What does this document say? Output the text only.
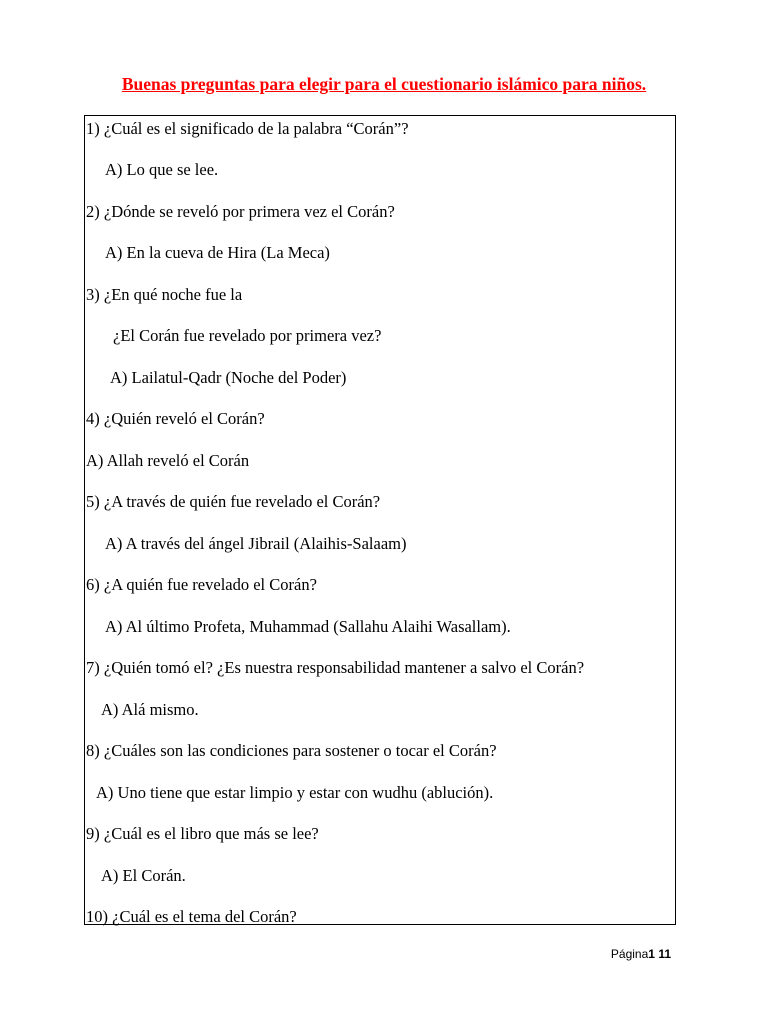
Buenas preguntas para elegir para el cuestionario islámico para niños.
1) ¿Cuál es el significado de la palabra “Corán”?
A) Lo que se lee.
2) ¿Dónde se reveló por primera vez el Corán?
A) En la cueva de Hira (La Meca)
3) ¿En qué noche fue la
¿El Corán fue revelado por primera vez?
A) Lailatul-Qadr (Noche del Poder)
4) ¿Quién reveló el Corán?
A) Allah reveló el Corán
5) ¿A través de quién fue revelado el Corán?
A) A través del ángel Jibrail (Alaihis-Salaam)
6) ¿A quién fue revelado el Corán?
A) Al último Profeta, Muhammad (Sallahu Alaihi Wasallam).
7) ¿Quién tomó el? ¿Es nuestra responsabilidad mantener a salvo el Corán?
A) Alá mismo.
8) ¿Cuáles son las condiciones para sostener o tocar el Corán?
A) Uno tiene que estar limpio y estar con wudhu (ablución).
9) ¿Cuál es el libro que más se lee?
A) El Corán.
10) ¿Cuál es el tema del Corán?
Página1 11
